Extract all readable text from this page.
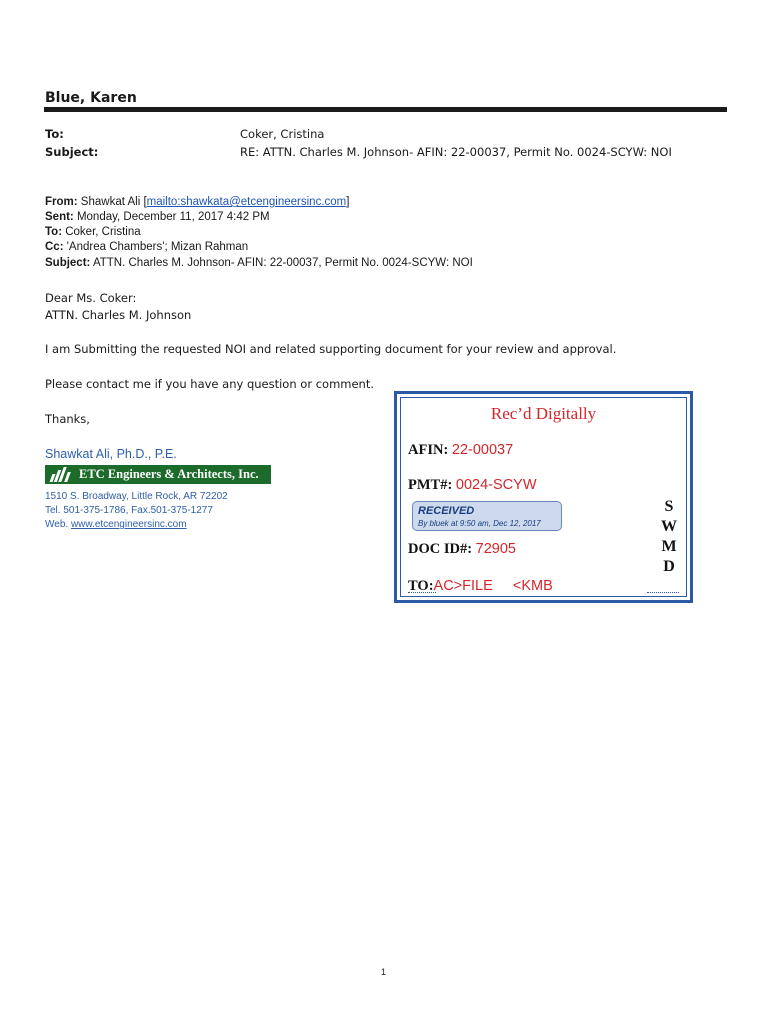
Blue, Karen
To:	Coker, Cristina
Subject:	RE: ATTN. Charles M. Johnson- AFIN: 22-00037, Permit No. 0024-SCYW: NOI
From: Shawkat Ali [mailto:shawkata@etcengineersinc.com]
Sent: Monday, December 11, 2017 4:42 PM
To: Coker, Cristina
Cc: 'Andrea Chambers'; Mizan Rahman
Subject: ATTN. Charles M. Johnson- AFIN: 22-00037, Permit No. 0024-SCYW: NOI
Dear Ms. Coker:
ATTN. Charles M. Johnson
I am Submitting the requested NOI and related supporting document for your review and approval.
Please contact me if you have any question or comment.
Thanks,
Shawkat Ali, Ph.D., P.E.
ETC Engineers & Architects, Inc.
1510 S. Broadway, Little Rock, AR 72202
Tel. 501-375-1786, Fax.501-375-1277
Web. www.etcengineersinc.com
Rec’d Digitally
AFIN: 22-00037
PMT#: 0024-SCYW
RECEIVED
By bluek at 9:50 am, Dec 12, 2017
DOC ID#: 72905
TO:AC>FILE     <KMB
S
W
M
D
1
